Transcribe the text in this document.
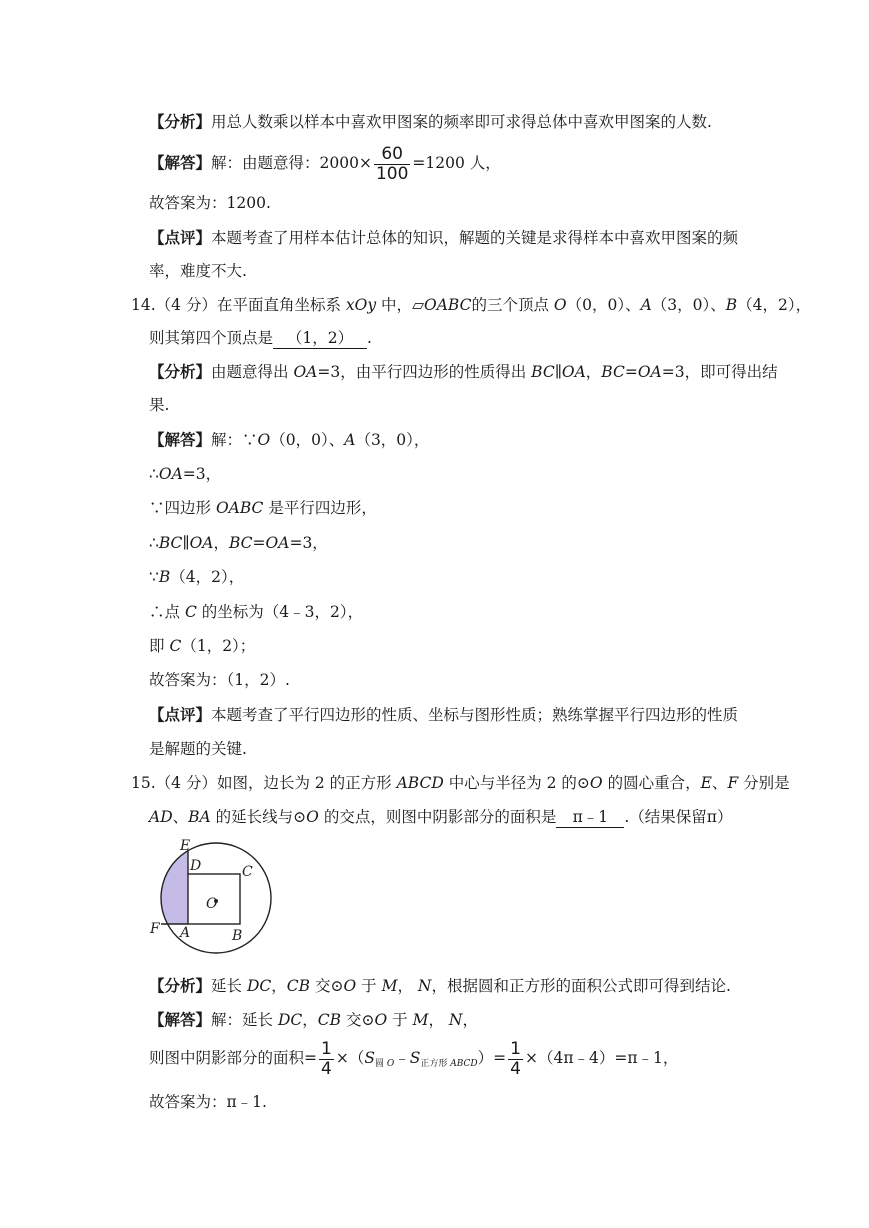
【分析】用总人数乘以样本中喜欢甲图案的频率即可求得总体中喜欢甲图案的人数.
【解答】解：由题意得：$2000\times \frac{60}{100} =1200$ 人，
故答案为：1200.
【点评】本题考查了用样本估计总体的知识，解题的关键是求得样本中喜欢甲图案的频
率，难度不大.
14.（4 分）在平面直角坐标系 xOy 中，▱OABC的三个顶点 O（0，0）、A（3，0）、B（4，2），
则其第四个顶点是 （1，2） .
【分析】由题意得出 OA=3，由平行四边形的性质得出 BC∥OA，BC=OA=3，即可得出结
果.
【解答】解：∵O（0，0）、A（3，0），
∴OA=3，
∵四边形 OABC 是平行四边形，
∴BC∥OA，BC=OA=3，
∵B（4，2），
∴点 C 的坐标为（4﹣3，2），
即 C（1，2）；
故答案为：（1，2）.
【点评】本题考查了平行四边形的性质、坐标与图形性质；熟练掌握平行四边形的性质
是解题的关键.
15.（4 分）如图，边长为 2 的正方形 ABCD 中心与半径为 2 的⊙O 的圆心重合，E、F 分别是
AD、BA 的延长线与⊙O 的交点，则图中阴影部分的面积是 π﹣1 .（结果保留π）
E
D	C
O
F A	B
【分析】延长 DC，CB 交⊙O 于 M， N，根据圆和正方形的面积公式即可得到结论.
【解答】解：延长 DC，CB 交⊙O 于 M， N，
则图中阴影部分的面积= $\frac{1}{4}$ $\times(S_{圆 O}﹣S_{正方形 ABCD})= \frac{1}{4}$ ×（4π﹣4）=π﹣1，
故答案为：π﹣1.
